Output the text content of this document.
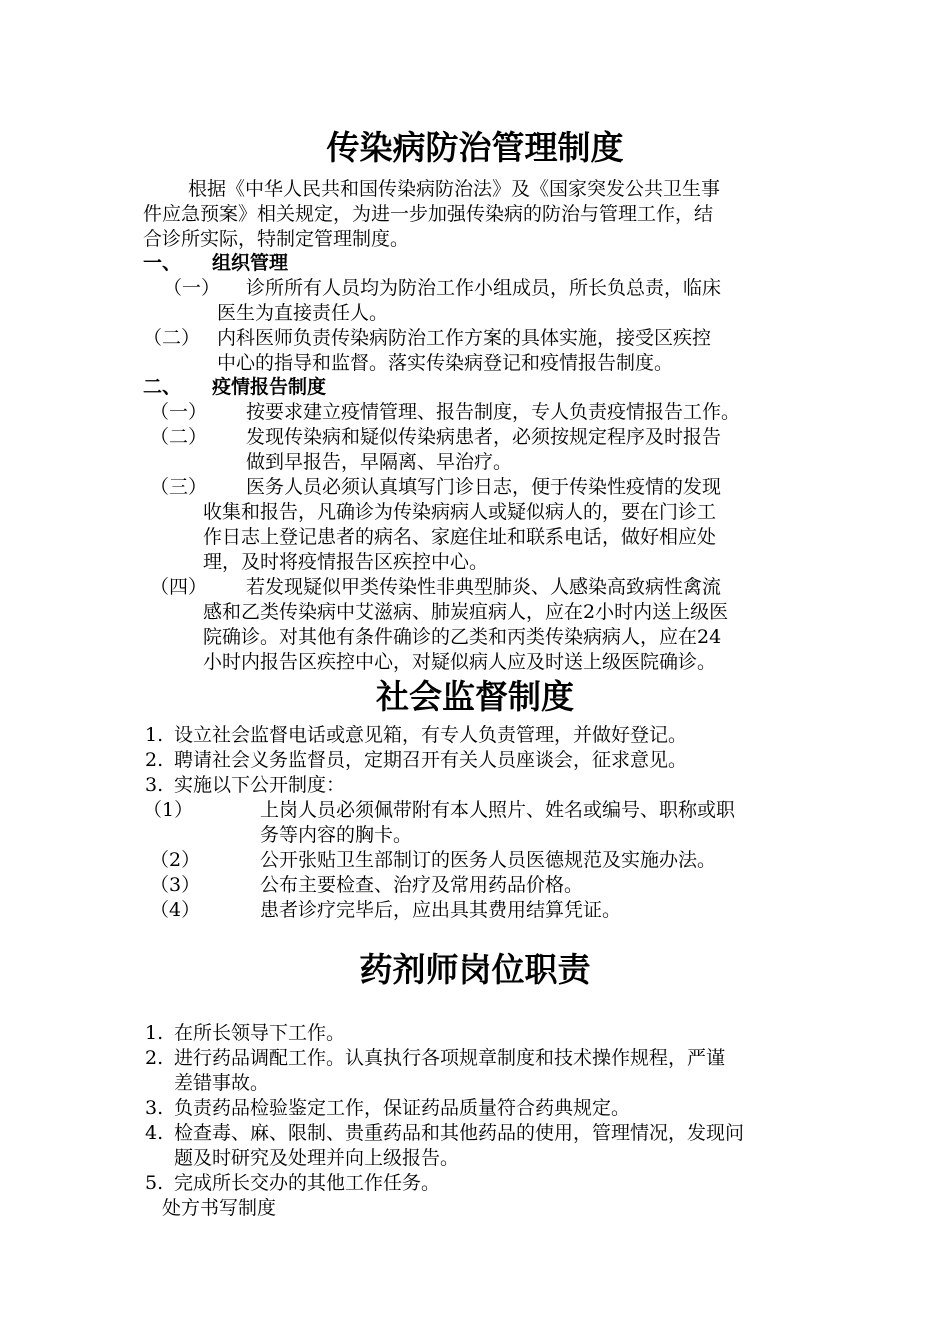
传染病防治管理制度
根据《中华人民共和国传染病防治法》及《国家突发公共卫生事
件应急预案》相关规定，为进一步加强传染病的防治与管理工作，结
合诊所实际，特制定管理制度。
一、 组织管理
（一） 诊所所有人员均为防治工作小组成员，所长负总责，临床
医生为直接责任人。
（二） 内科医师负责传染病防治工作方案的具体实施，接受区疾控
中心的指导和监督。落实传染病登记和疫情报告制度。
二、 疫情报告制度
（一） 按要求建立疫情管理、报告制度，专人负责疫情报告工作。
（二） 发现传染病和疑似传染病患者，必须按规定程序及时报告
做到早报告，早隔离、早治疗。
（三） 医务人员必须认真填写门诊日志，便于传染性疫情的发现
收集和报告，凡确诊为传染病病人或疑似病人的，要在门诊工
作日志上登记患者的病名、家庭住址和联系电话，做好相应处
理，及时将疫情报告区疾控中心。
（四） 若发现疑似甲类传染性非典型肺炎、人感染高致病性禽流
感和乙类传染病中艾滋病、肺炭疽病人，应在2小时内送上级医
院确诊。对其他有条件确诊的乙类和丙类传染病病人，应在24
小时内报告区疾控中心，对疑似病人应及时送上级医院确诊。
社会监督制度
1. 设立社会监督电话或意见箱，有专人负责管理，并做好登记。
2. 聘请社会义务监督员，定期召开有关人员座谈会，征求意见。
3. 实施以下公开制度：
（1）	上岗人员必须佩带附有本人照片、姓名或编号、职称或职
务等内容的胸卡。
（2）	公开张贴卫生部制订的医务人员医德规范及实施办法。
（3）	公布主要检查、治疗及常用药品价格。
（4）	患者诊疗完毕后，应出具其费用结算凭证。
药剂师岗位职责
1. 在所长领导下工作。
2. 进行药品调配工作。认真执行各项规章制度和技术操作规程，严谨
差错事故。
3. 负责药品检验鉴定工作，保证药品质量符合药典规定。
4. 检查毒、麻、限制、贵重药品和其他药品的使用，管理情况，发现问
题及时研究及处理并向上级报告。
5. 完成所长交办的其他工作任务。
处方书写制度
